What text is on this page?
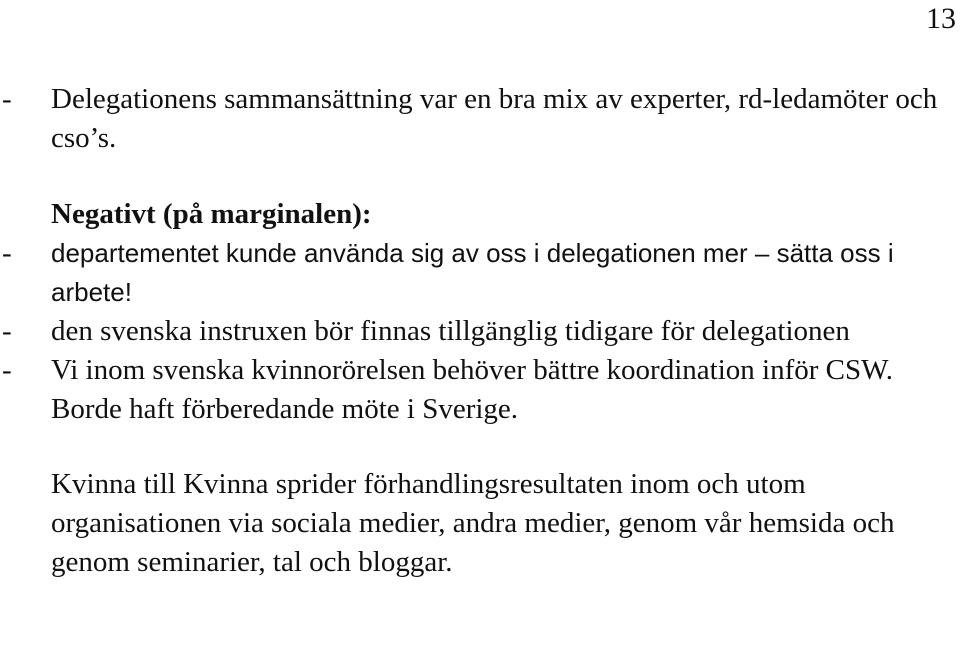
13
-	Delegationens sammansättning var en bra mix av experter, rd-ledamöter och cso’s.
Negativt (på marginalen):
-	departementet kunde använda sig av oss i delegationen mer – sätta oss i arbete!
-	den svenska instruxen bör finnas tillgänglig tidigare för delegationen
-	Vi inom svenska kvinnorörelsen behöver bättre koordination inför CSW. Borde haft förberedande möte i Sverige.
Kvinna till Kvinna sprider förhandlingsresultaten inom och utom organisationen via sociala medier, andra medier, genom vår hemsida och genom seminarier, tal och bloggar.
